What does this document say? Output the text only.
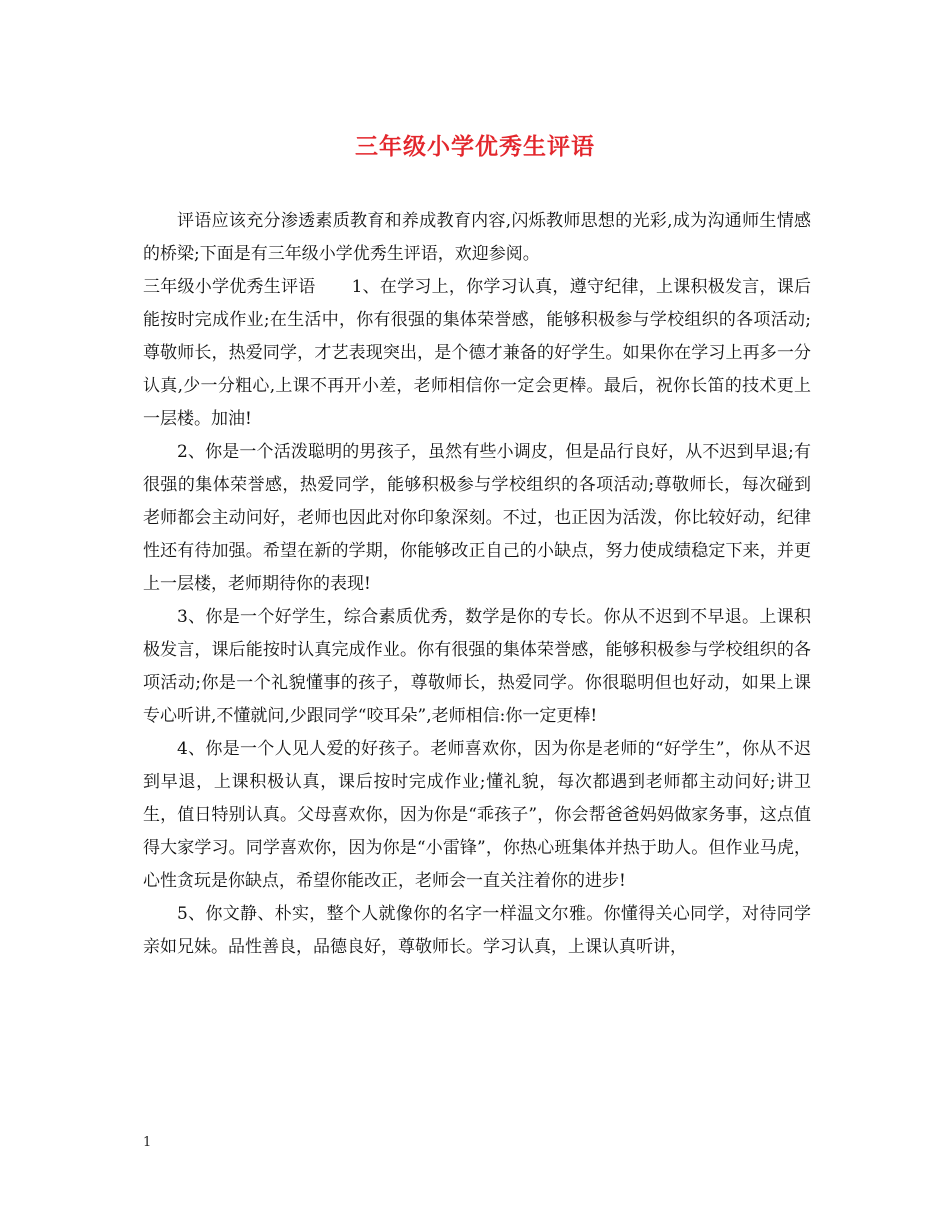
三年级小学优秀生评语

评语应该充分渗透素质教育和养成教育内容,闪烁教师思想的光彩,成为沟通师生情感的桥梁;下面是有三年级小学优秀生评语，欢迎参阅。

三年级小学优秀生评语 1、在学习上，你学习认真，遵守纪律，上课积极发言，课后能按时完成作业;在生活中，你有很强的集体荣誉感，能够积极参与学校组织的各项活动;尊敬师长，热爱同学，才艺表现突出，是个德才兼备的好学生。如果你在学习上再多一分认真,少一分粗心,上课不再开小差，老师相信你一定会更棒。最后，祝你长笛的技术更上一层楼。加油!

2、你是一个活泼聪明的男孩子，虽然有些小调皮，但是品行良好，从不迟到早退;有很强的集体荣誉感，热爱同学，能够积极参与学校组织的各项活动;尊敬师长，每次碰到老师都会主动问好，老师也因此对你印象深刻。不过，也正因为活泼，你比较好动，纪律性还有待加强。希望在新的学期，你能够改正自己的小缺点，努力使成绩稳定下来，并更上一层楼，老师期待你的表现!

3、你是一个好学生，综合素质优秀，数学是你的专长。你从不迟到不早退。上课积极发言，课后能按时认真完成作业。你有很强的集体荣誉感，能够积极参与学校组织的各项活动;你是一个礼貌懂事的孩子，尊敬师长，热爱同学。你很聪明但也好动，如果上课专心听讲,不懂就问,少跟同学“咬耳朵”,老师相信:你一定更棒!

4、你是一个人见人爱的好孩子。老师喜欢你，因为你是老师的“好学生”，你从不迟到早退，上课积极认真，课后按时完成作业;懂礼貌，每次都遇到老师都主动问好;讲卫生，值日特别认真。父母喜欢你，因为你是“乖孩子”，你会帮爸爸妈妈做家务事，这点值得大家学习。同学喜欢你，因为你是“小雷锋”，你热心班集体并热于助人。但作业马虎，心性贪玩是你缺点，希望你能改正，老师会一直关注着你的进步!

5、你文静、朴实，整个人就像你的名字一样温文尔雅。你懂得关心同学，对待同学亲如兄妹。品性善良，品德良好，尊敬师长。学习认真，上课认真听讲，

1
